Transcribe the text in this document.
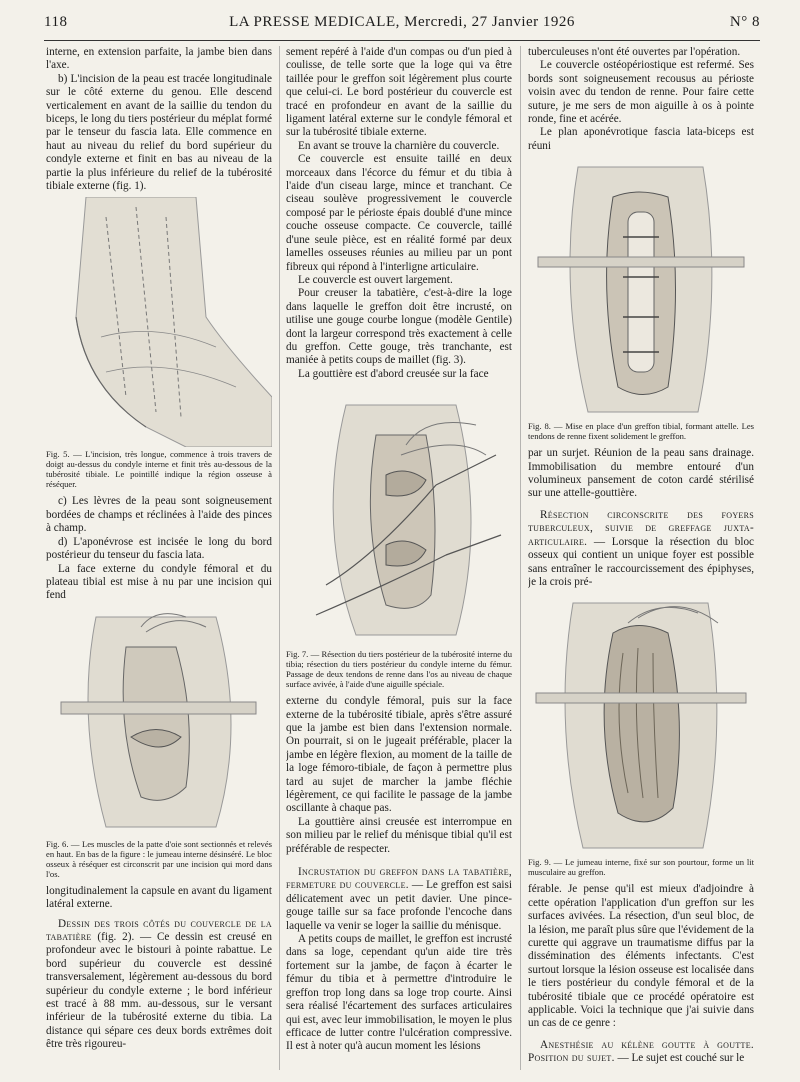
118	LA PRESSE MEDICALE, Mercredi, 27 Janvier 1926	N° 8

interne, en extension parfaite, la jambe bien dans l'axe.

b) L'incision de la peau est tracée longitudinale sur le côté externe du genou. Elle descend verticalement en avant de la saillie du tendon du biceps, le long du tiers postérieur du méplat formé par le tenseur du fascia lata. Elle commence en haut au niveau du relief du bord supérieur du condyle externe et finit en bas au niveau de la partie la plus inférieure du relief de la tubérosité tibiale externe (fig. 1).

Fig. 5. — L'incision, très longue, commence à trois travers de doigt au-dessus du condyle interne et finit très au-dessous de la tubérosité tibiale. Le pointillé indique la région osseuse à réséquer.

c) Les lèvres de la peau sont soigneusement bordées de champs et réclinées à l'aide des pinces à champ.

d) L'aponévrose est incisée le long du bord postérieur du tenseur du fascia lata.

La face externe du condyle fémoral et du plateau tibial est mise à nu par une incision qui fend

Fig. 6. — Les muscles de la patte d'oie sont sectionnés et relevés en haut. En bas de la figure : le jumeau interne désinséré. Le bloc osseux à réséquer est circonscrit par une incision qui mord dans l'os.

longitudinalement la capsule en avant du ligament latéral externe.

Dessin des trois côtés du couvercle de la tabatière (fig. 2). — Ce dessin est creusé en profondeur avec le bistouri à pointe rabattue. Le bord supérieur du couvercle est dessiné transversalement, légèrement au-dessous du bord supérieur du condyle externe ; le bord inférieur est tracé à 88 mm. au-dessous, sur le versant inférieur de la tubérosité externe du tibia. La distance qui sépare ces deux bords extrêmes doit être très rigoureu-

sement repéré à l'aide d'un compas ou d'un pied à coulisse, de telle sorte que la loge qui va être taillée pour le greffon soit légèrement plus courte que celui-ci. Le bord postérieur du couvercle est tracé en profondeur en avant de la saillie du ligament latéral externe sur le condyle fémoral et sur la tubérosité tibiale externe.

En avant se trouve la charnière du couvercle.

Ce couvercle est ensuite taillé en deux morceaux dans l'écorce du fémur et du tibia à l'aide d'un ciseau large, mince et tranchant. Ce ciseau soulève progressivement le couvercle composé par le périoste épais doublé d'une mince couche osseuse compacte. Ce couvercle, taillé d'une seule pièce, est en réalité formé par deux lamelles osseuses réunies au milieu par un pont fibreux qui répond à l'interligne articulaire.

Le couvercle est ouvert largement.

Pour creuser la tabatière, c'est-à-dire la loge dans laquelle le greffon doit être incrusté, on utilise une gouge courbe longue (modèle Gentile) dont la largeur correspond très exactement à celle du greffon. Cette gouge, très tranchante, est maniée à petits coups de maillet (fig. 3).

La gouttière est d'abord creusée sur la face

Fig. 7. — Résection du tiers postérieur de la tubérosité interne du tibia; résection du tiers postérieur du condyle interne du fémur. Passage de deux tendons de renne dans l'os au niveau de chaque surface avivée, à l'aide d'une aiguille spéciale.

externe du condyle fémoral, puis sur la face externe de la tubérosité tibiale, après s'être assuré que la jambe est bien dans l'extension normale. On pourrait, si on le jugeait préférable, placer la jambe en légère flexion, au moment de la taille de la loge fémoro-tibiale, de façon à permettre plus tard au sujet de marcher la jambe fléchie légèrement, ce qui facilite le passage de la jambe oscillante à chaque pas.

La gouttière ainsi creusée est interrompue en son milieu par le relief du ménisque tibial qu'il est préférable de respecter.

Incrustation du greffon dans la tabatière, fermeture du couvercle. — Le greffon est saisi délicatement avec un petit davier. Une pince-gouge taille sur sa face profonde l'encoche dans laquelle va venir se loger la saillie du ménisque.

A petits coups de maillet, le greffon est incrusté dans sa loge, cependant qu'un aide tire très fortement sur la jambe, de façon à écarter le fémur du tibia et à permettre d'introduire le greffon trop long dans sa loge trop courte. Ainsi sera réalisé l'écartement des surfaces articulaires qui est, avec leur immobilisation, le moyen le plus efficace de lutter contre l'ulcération compressive. Il est à noter qu'à aucun moment les lésions

tuberculeuses n'ont été ouvertes par l'opération.

Le couvercle ostéopériostique est refermé. Ses bords sont soigneusement recousus au périoste voisin avec du tendon de renne. Pour faire cette suture, je me sers de mon aiguille à os à pointe ronde, fine et acérée.

Le plan aponévrotique fascia lata-biceps est réuni

Fig. 8. — Mise en place d'un greffon tibial, formant attelle. Les tendons de renne fixent solidement le greffon.

par un surjet. Réunion de la peau sans drainage. Immobilisation du membre entouré d'un volumineux pansement de coton cardé stérilisé sur une attelle-gouttière.

Résection circonscrite des foyers tuberculeux, suivie de greffage juxta-articulaire. — Lorsque la résection du bloc osseux qui contient un unique foyer est possible sans entraîner le raccourcissement des épiphyses, je la crois pré-

Fig. 9. — Le jumeau interne, fixé sur son pourtour, forme un lit musculaire au greffon.

férable. Je pense qu'il est mieux d'adjoindre à cette opération l'application d'un greffon sur les surfaces avivées. La résection, d'un seul bloc, de la lésion, me paraît plus sûre que l'évidement de la curette qui aggrave un traumatisme diffus par la dissémination des éléments infectants. C'est surtout lorsque la lésion osseuse est localisée dans le tiers postérieur du condyle fémoral et de la tubérosité tibiale que ce procédé opératoire est applicable. Voici la technique que j'ai suivie dans un cas de ce genre :

Anesthésie au kélène goutte à goutte. Position du sujet. — Le sujet est couché sur le
